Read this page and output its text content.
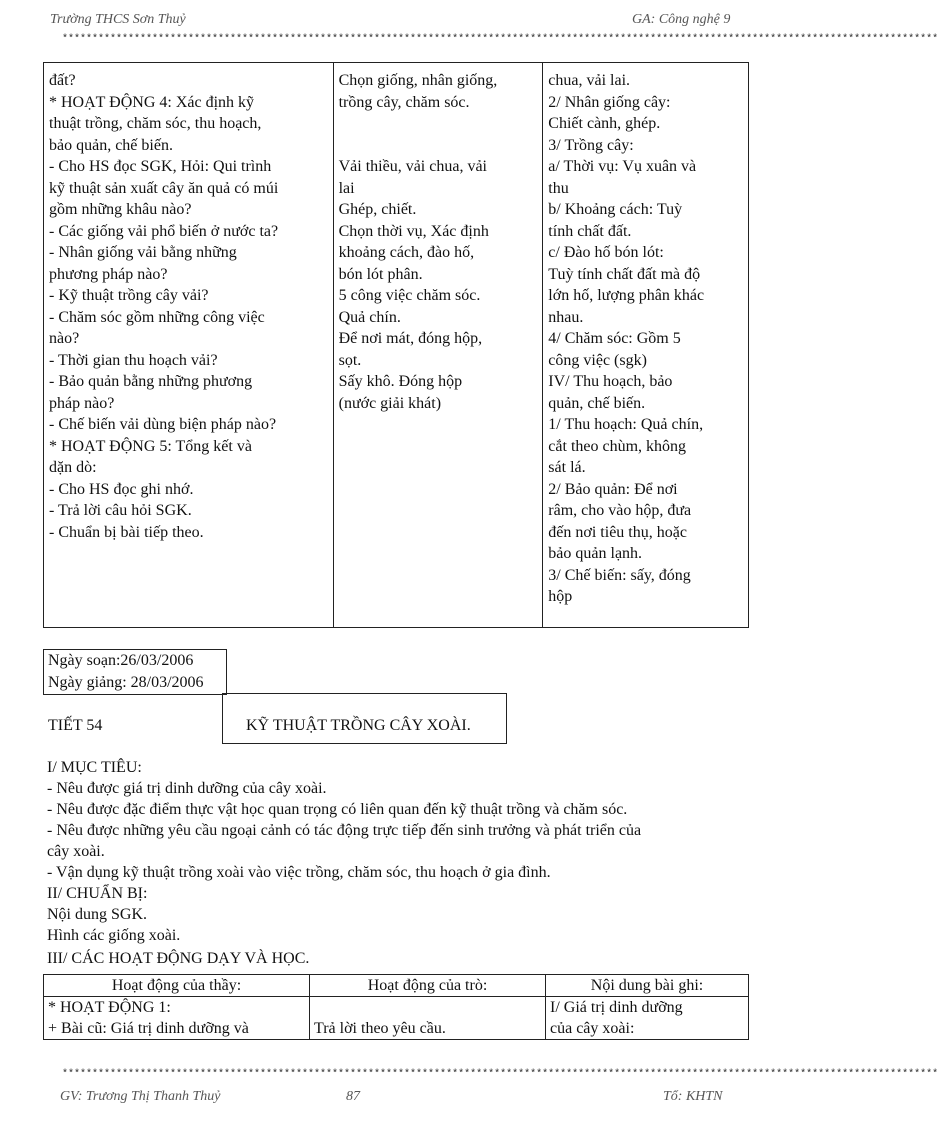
Trường THCS Sơn Thuỷ	GA: Công nghệ 9
**************************************************************************************************************************************************
đất?
* HOẠT ĐỘNG 4: Xác định kỹ
thuật trồng, chăm sóc, thu hoạch,
bảo quản, chế biến.
- Cho HS đọc SGK, Hỏi: Qui trình
kỹ thuật sản xuất cây ăn quả có múi
gồm những khâu nào?
- Các giống vải phổ biến ở nước ta?
- Nhân giống vải bằng những
phương pháp nào?
- Kỹ thuật trồng cây vải?
- Chăm sóc gồm những công việc
nào?
- Thời gian thu hoạch vải?
- Bảo quản bằng những phương
pháp nào?
- Chế biến vải dùng biện pháp nào?
* HOẠT ĐỘNG 5: Tổng kết và
dặn dò:
- Cho HS đọc ghi nhớ.
- Trả lời câu hỏi SGK.
- Chuẩn bị bài tiếp theo.

Chọn giống, nhân giống,
trồng cây, chăm sóc.
Vải thiều, vải chua, vải
lai
Ghép, chiết.
Chọn thời vụ, Xác định
khoảng cách, đào hố,
bón lót phân.
5 công việc chăm sóc.
Quả chín.
Để nơi mát, đóng hộp,
sọt.
Sấy khô. Đóng hộp
(nước giải khát)

chua, vải lai.
2/ Nhân giống cây:
Chiết cành, ghép.
3/ Trồng cây:
a/ Thời vụ: Vụ xuân và
thu
b/ Khoảng cách: Tuỳ
tính chất đất.
c/ Đào hố bón lót:
Tuỳ tính chất đất mà độ
lớn hố, lượng phân khác
nhau.
4/ Chăm sóc: Gồm 5
công việc (sgk)
IV/ Thu hoạch, bảo
quản, chế biến.
1/ Thu hoạch: Quả chín,
cắt theo chùm, không
sát lá.
2/ Bảo quản: Để nơi
râm, cho vào hộp, đưa
đến nơi tiêu thụ, hoặc
bảo quản lạnh.
3/ Chế biến: sấy, đóng
hộp
Ngày soạn:26/03/2006
Ngày giảng: 28/03/2006
TIẾT 54	KỸ THUẬT TRỒNG CÂY XOÀI.
I/ MỤC TIÊU:
- Nêu được giá trị dinh dưỡng của cây xoài.
- Nêu được đặc điểm thực vật học quan trọng có liên quan đến kỹ thuật trồng và chăm sóc.
- Nêu được những yêu cầu ngoại cảnh có tác động trực tiếp đến sinh trưởng và phát triển của
cây xoài.
- Vận dụng kỹ thuật trồng xoài vào việc trồng, chăm sóc, thu hoạch ở gia đình.
II/ CHUẨN BỊ:
Nội dung SGK.
Hình các giống xoài.
III/ CÁC HOẠT ĐỘNG DẠY VÀ HỌC.
Hoạt động của thầy:	Hoạt động của trò:	Nội dung bài ghi:

* HOẠT ĐỘNG 1:
+ Bài cũ: Giá trị dinh dưỡng và	Trả lời theo yêu cầu.	I/ Giá trị dinh dưỡng
của cây xoài:
**************************************************************************************************************************************************
GV: Trương Thị Thanh Thuỷ	87	Tổ: KHTN
